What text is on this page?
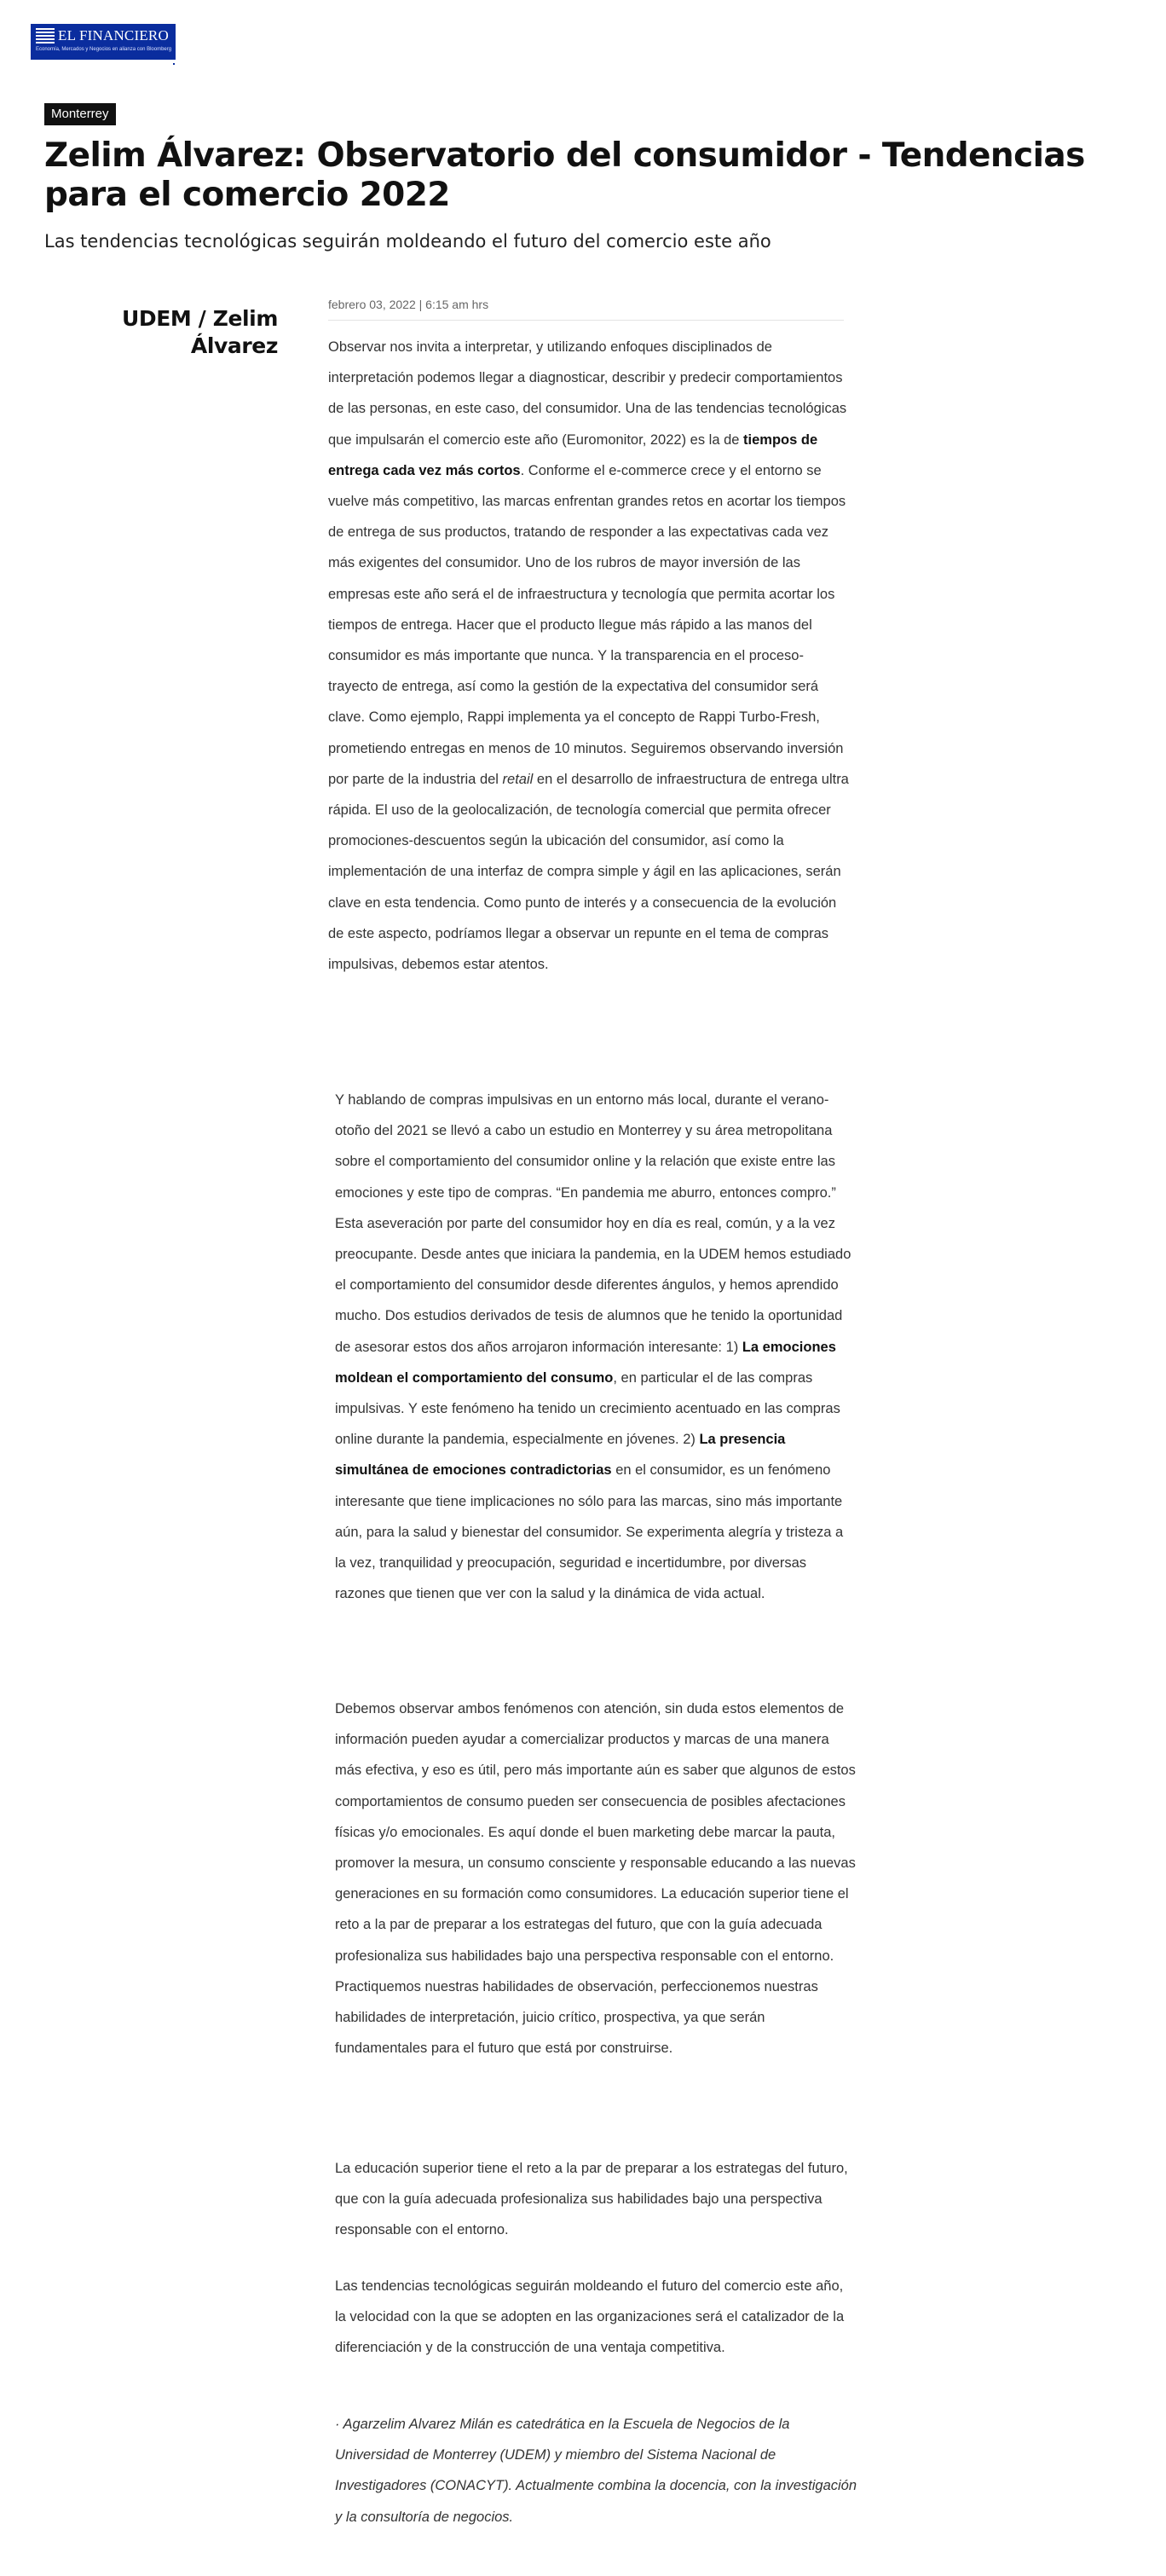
EL FINANCIERO
Economía, Mercados y Negocios en alianza con Bloomberg
Monterrey
Zelim Álvarez: Observatorio del consumidor - Tendencias para el comercio 2022
Las tendencias tecnológicas seguirán moldeando el futuro del comercio este año
UDEM / Zelim Álvarez
febrero 03, 2022 | 6:15 am hrs

Observar nos invita a interpretar, y utilizando enfoques disciplinados de interpretación podemos llegar a diagnosticar, describir y predecir comportamientos de las personas, en este caso, del consumidor. Una de las tendencias tecnológicas que impulsarán el comercio este año (Euromonitor, 2022) es la de tiempos de entrega cada vez más cortos. Conforme el e-commerce crece y el entorno se vuelve más competitivo, las marcas enfrentan grandes retos en acortar los tiempos de entrega de sus productos, tratando de responder a las expectativas cada vez más exigentes del consumidor. Uno de los rubros de mayor inversión de las empresas este año será el de infraestructura y tecnología que permita acortar los tiempos de entrega. Hacer que el producto llegue más rápido a las manos del consumidor es más importante que nunca. Y la transparencia en el proceso-trayecto de entrega, así como la gestión de la expectativa del consumidor será clave. Como ejemplo, Rappi implementa ya el concepto de Rappi Turbo-Fresh, prometiendo entregas en menos de 10 minutos. Seguiremos observando inversión por parte de la industria del retail en el desarrollo de infraestructura de entrega ultra rápida. El uso de la geolocalización, de tecnología comercial que permita ofrecer promociones-descuentos según la ubicación del consumidor, así como la implementación de una interfaz de compra simple y ágil en las aplicaciones, serán clave en esta tendencia. Como punto de interés y a consecuencia de la evolución de este aspecto, podríamos llegar a observar un repunte en el tema de compras impulsivas, debemos estar atentos.

Y hablando de compras impulsivas en un entorno más local, durante el verano-otoño del 2021 se llevó a cabo un estudio en Monterrey y su área metropolitana sobre el comportamiento del consumidor online y la relación que existe entre las emociones y este tipo de compras. “En pandemia me aburro, entonces compro.” Esta aseveración por parte del consumidor hoy en día es real, común, y a la vez preocupante. Desde antes que iniciara la pandemia, en la UDEM hemos estudiado el comportamiento del consumidor desde diferentes ángulos, y hemos aprendido mucho. Dos estudios derivados de tesis de alumnos que he tenido la oportunidad de asesorar estos dos años arrojaron información interesante: 1) La emociones moldean el comportamiento del consumo, en particular el de las compras impulsivas. Y este fenómeno ha tenido un crecimiento acentuado en las compras online durante la pandemia, especialmente en jóvenes. 2) La presencia simultánea de emociones contradictorias en el consumidor, es un fenómeno interesante que tiene implicaciones no sólo para las marcas, sino más importante aún, para la salud y bienestar del consumidor. Se experimenta alegría y tristeza a la vez, tranquilidad y preocupación, seguridad e incertidumbre, por diversas razones que tienen que ver con la salud y la dinámica de vida actual.

Debemos observar ambos fenómenos con atención, sin duda estos elementos de información pueden ayudar a comercializar productos y marcas de una manera más efectiva, y eso es útil, pero más importante aún es saber que algunos de estos comportamientos de consumo pueden ser consecuencia de posibles afectaciones físicas y/o emocionales. Es aquí donde el buen marketing debe marcar la pauta, promover la mesura, un consumo consciente y responsable educando a las nuevas generaciones en su formación como consumidores. La educación superior tiene el reto a la par de preparar a los estrategas del futuro, que con la guía adecuada profesionaliza sus habilidades bajo una perspectiva responsable con el entorno. Practiquemos nuestras habilidades de observación, perfeccionemos nuestras habilidades de interpretación, juicio crítico, prospectiva, ya que serán fundamentales para el futuro que está por construirse.

La educación superior tiene el reto a la par de preparar a los estrategas del futuro, que con la guía adecuada profesionaliza sus habilidades bajo una perspectiva responsable con el entorno.

Las tendencias tecnológicas seguirán moldeando el futuro del comercio este año, la velocidad con la que se adopten en las organizaciones será el catalizador de la diferenciación y de la construcción de una ventaja competitiva.

· Agarzelim Alvarez Milán es catedrática en la Escuela de Negocios de la Universidad de Monterrey (UDEM) y miembro del Sistema Nacional de Investigadores (CONACYT). Actualmente combina la docencia, con la investigación y la consultoría de negocios.
